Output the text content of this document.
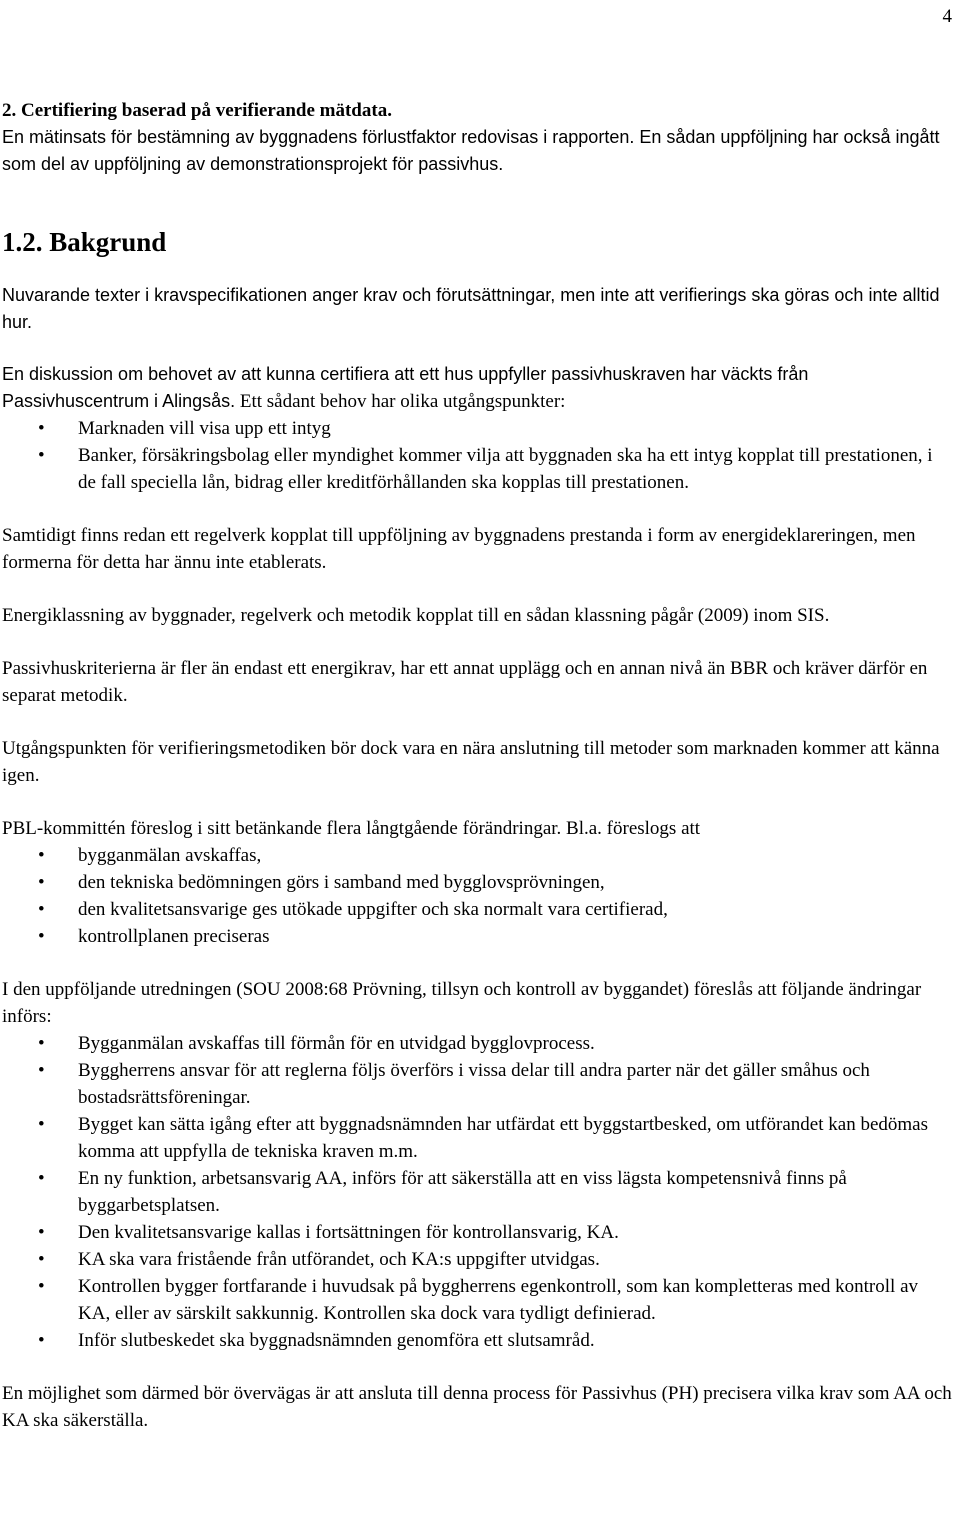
4

2. Certifiering baserad på verifierande mätdata.

En mätinsats för bestämning av byggnadens förlustfaktor redovisas i rapporten. En sådan uppföljning har också ingått som del av uppföljning av demonstrationsprojekt för passivhus.

1.2. Bakgrund

Nuvarande texter i kravspecifikationen anger krav och förutsättningar, men inte att verifierings ska göras och inte alltid hur.

En diskussion om behovet av att kunna certifiera att ett hus uppfyller passivhuskraven har väckts från Passivhuscentrum i Alingsås. Ett sådant behov har olika utgångspunkter:

• Marknaden vill visa upp ett intyg
• Banker, försäkringsbolag eller myndighet kommer vilja att byggnaden ska ha ett intyg kopplat till prestationen, i de fall speciella lån, bidrag eller kreditförhållanden ska kopplas till prestationen.

Samtidigt finns redan ett regelverk kopplat till uppföljning av byggnadens prestanda i form av energideklareringen, men formerna för detta har ännu inte etablerats.

Energiklassning av byggnader, regelverk och metodik kopplat till en sådan klassning pågår (2009) inom SIS.

Passivhuskriterierna är fler än endast ett energikrav, har ett annat upplägg och en annan nivå än BBR och kräver därför en separat metodik.

Utgångspunkten för verifieringsmetodiken bör dock vara en nära anslutning till metoder som marknaden kommer att känna igen.

PBL-kommittén föreslog i sitt betänkande flera långtgående förändringar. Bl.a. föreslogs att

• bygganmälan avskaffas,
• den tekniska bedömningen görs i samband med bygglovsprövningen,
• den kvalitetsansvarige ges utökade uppgifter och ska normalt vara certifierad,
• kontrollplanen preciseras

I den uppföljande utredningen (SOU 2008:68 Prövning, tillsyn och kontroll av byggandet) föreslås att följande ändringar införs:

• Bygganmälan avskaffas till förmån för en utvidgad bygglovprocess.
• Byggherrens ansvar för att reglerna följs överförs i vissa delar till andra parter när det gäller småhus och bostadsrättsföreningar.
• Bygget kan sätta igång efter att byggnadsnämnden har utfärdat ett byggstartbesked, om utförandet kan bedömas komma att uppfylla de tekniska kraven m.m.
• En ny funktion, arbetsansvarig AA, införs för att säkerställa att en viss lägsta kompetensnivå finns på byggarbetsplatsen.
• Den kvalitetsansvarige kallas i fortsättningen för kontrollansvarig, KA.
• KA ska vara fristående från utförandet, och KA:s uppgifter utvidgas.
• Kontrollen bygger fortfarande i huvudsak på byggherrens egenkontroll, som kan kompletteras med kontroll av KA, eller av särskilt sakkunnig. Kontrollen ska dock vara tydligt definierad.
• Inför slutbeskedet ska byggnadsnämnden genomföra ett slutsamråd.

En möjlighet som därmed bör övervägas är att ansluta till denna process för Passivhus (PH) precisera vilka krav som AA och KA ska säkerställa.
